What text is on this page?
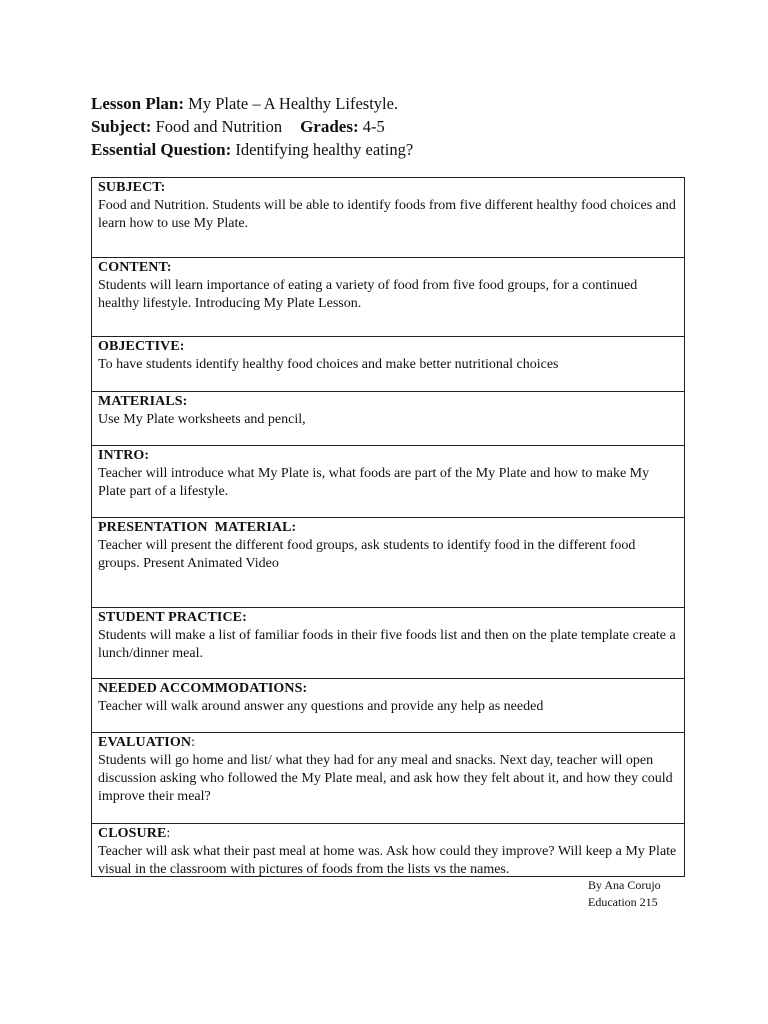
Lesson Plan: My Plate – A Healthy Lifestyle.
Subject: Food and Nutrition Grades: 4-5
Essential Question: Identifying healthy eating?
SUBJECT:
Food and Nutrition. Students will be able to identify foods from five different healthy food choices and learn how to use My Plate.
CONTENT:
Students will learn importance of eating a variety of food from five food groups, for a continued healthy lifestyle. Introducing My Plate Lesson.
OBJECTIVE:
To have students identify healthy food choices and make better nutritional choices
MATERIALS:
Use My Plate worksheets and pencil,
INTRO:
Teacher will introduce what My Plate is, what foods are part of the My Plate and how to make My Plate part of a lifestyle.
PRESENTATION  MATERIAL:
Teacher will present the different food groups, ask students to identify food in the different food groups. Present Animated Video
STUDENT PRACTICE:
Students will make a list of familiar foods in their five foods list and then on the plate template create a lunch/dinner meal.
NEEDED ACCOMMODATIONS:
Teacher will walk around answer any questions and provide any help as needed
EVALUATION:
Students will go home and list/ what they had for any meal and snacks. Next day, teacher will open discussion asking who followed the My Plate meal, and ask how they felt about it, and how they could improve their meal?
CLOSURE:
Teacher will ask what their past meal at home was. Ask how could they improve? Will keep a My Plate visual in the classroom with pictures of foods from the lists vs the names.
By Ana Corujo
Education 215
